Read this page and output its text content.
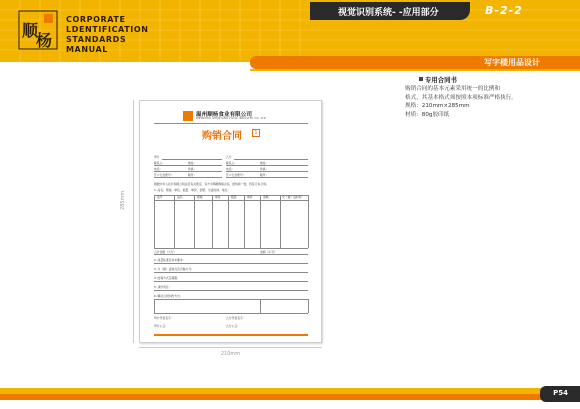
顺
杨
CORPORATE
LDENTIFICATION
STANDARDS
MANUAL
视觉识别系统- -应用部分	B-2-2
写字楼用品设计
专用合同书
购销合同的基本元素采用统一的比例和
格式，其基本格式须按照本项标准严格执行。
规格：210mm×285mm
材质：80g胶印纸
285mm
210mm
温州顺杨食业有限公司
WENZHOU SHUNYANG FOOD INDUSTRY CO.,LTD
购销合同	1
甲方	乙方
联系人：	地址：	联系人：	地址：
电话：	传真：	电话：	传真：
开户行及账号：	税号：	开户行及账号：	税号：
根据中华人民共和国合同法及有关规定，双方为明确购销关系，经协商一致，特签订本合同。
1. 品名、规格、单位、数量、单价、金额、交货时间、地点：
货号	品名	规格	单位	数量	单价	金额	交（提）货时间
合计金额（大写）	金额（小写）
2. 质量标准及技术要求：
3. 交（提）货地点及运输方式：
4. 结算方式及期限：
5. 违约责任：
6. 解决合同纠纷方式：
甲方代表签字：	乙方代表签字：
甲方公章：	乙方公章：
P54
